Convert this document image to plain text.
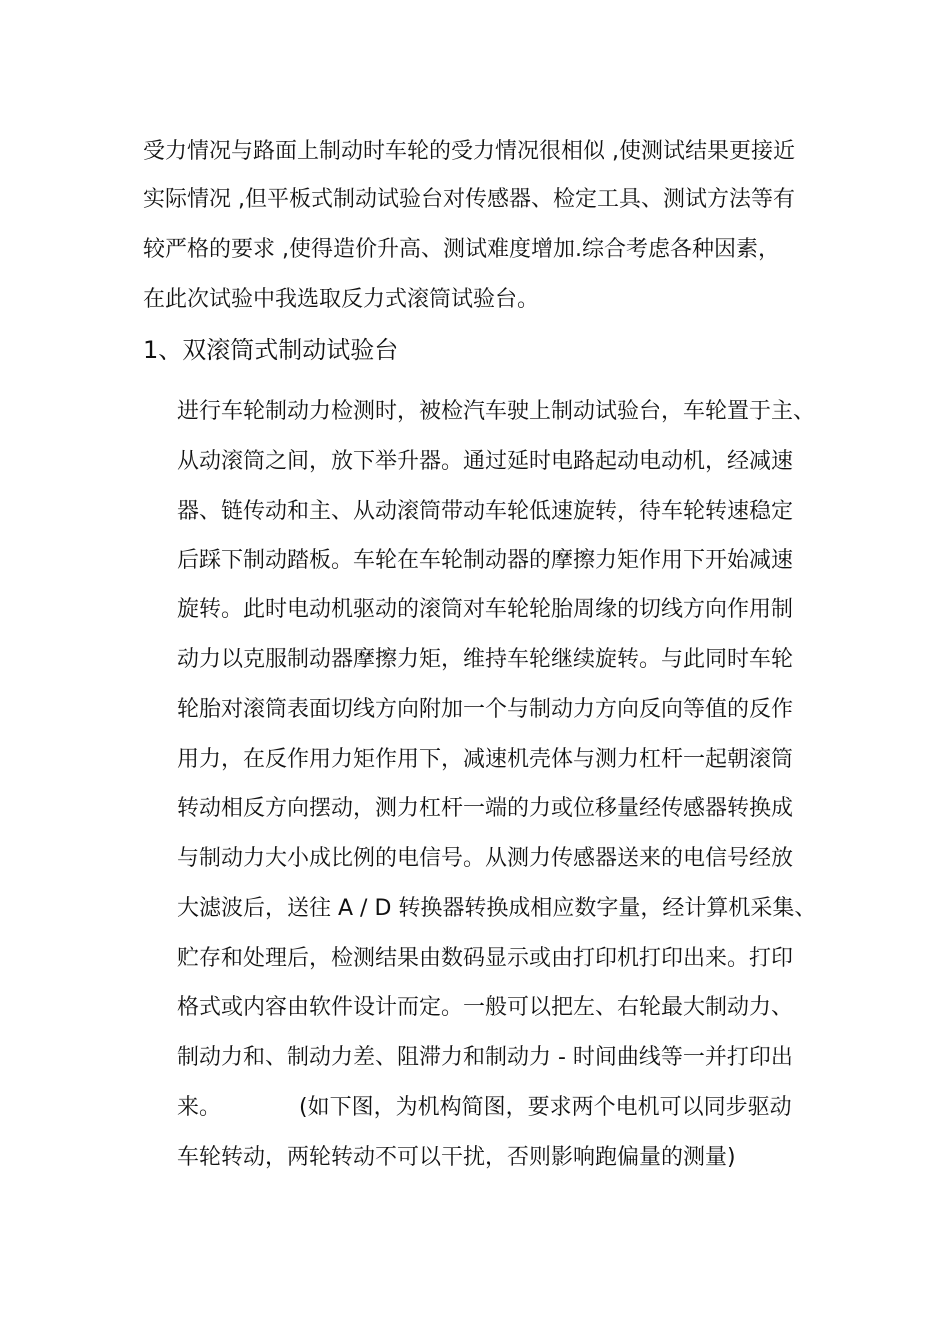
受力情况与路面上制动时车轮的受力情况很相似 ,使测试结果更接近
实际情况 ,但平板式制动试验台对传感器、检定工具、测试方法等有
较严格的要求 ,使得造价升高、测试难度增加.综合考虑各种因素，
在此次试验中我选取反力式滚筒试验台。
1、双滚筒式制动试验台
进行车轮制动力检测时，被检汽车驶上制动试验台，车轮置于主、
从动滚筒之间，放下举升器。通过延时电路起动电动机，经减速
器、链传动和主、从动滚筒带动车轮低速旋转，待车轮转速稳定
后踩下制动踏板。车轮在车轮制动器的摩擦力矩作用下开始减速
旋转。此时电动机驱动的滚筒对车轮轮胎周缘的切线方向作用制
动力以克服制动器摩擦力矩，维持车轮继续旋转。与此同时车轮
轮胎对滚筒表面切线方向附加一个与制动力方向反向等值的反作
用力，在反作用力矩作用下，减速机壳体与测力杠杆一起朝滚筒
转动相反方向摆动，测力杠杆一端的力或位移量经传感器转换成
与制动力大小成比例的电信号。从测力传感器送来的电信号经放
大滤波后，送往 A / D 转换器转换成相应数字量，经计算机采集、
贮存和处理后，检测结果由数码显示或由打印机打印出来。打印
格式或内容由软件设计而定。一般可以把左、右轮最大制动力、
制动力和、制动力差、阻滞力和制动力 - 时间曲线等一并打印出
来。	(如下图，为机构简图，要求两个电机可以同步驱动
车轮转动，两轮转动不可以干扰，否则影响跑偏量的测量)
